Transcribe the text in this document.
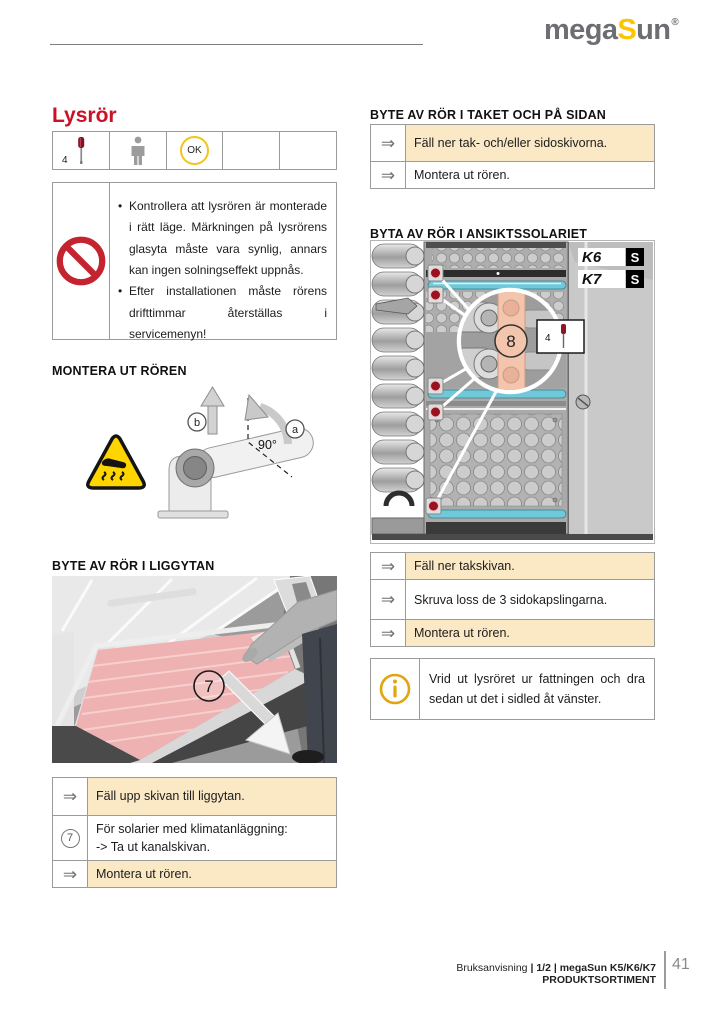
megaSun®
Lysrör
4
OK
• Kontrollera att lysrören är monterade i rätt läge. Märkningen på lysrörens glasyta måste vara synlig, annars kan ingen solningseffekt uppnås.
• Efter installationen måste rörens drifttimmar återställas i servicemenyn!
MONTERA UT RÖREN
b
a
90°
BYTE AV RÖR I LIGGYTAN
7
⇒ Fäll upp skivan till liggytan.
7
För solarier med klimatanläggning:
-> Ta ut kanalskivan.
⇒ Montera ut rören.
BYTE AV RÖR I TAKET OCH PÅ SIDAN
⇒ Fäll ner tak- och/eller sidoskivorna.
⇒ Montera ut rören.
BYTA AV RÖR I ANSIKTSSOLARIET
8	4
K6 S
K7 S
⇒ Fäll ner takskivan.
⇒ Skruva loss de 3 sidokapslingarna.
⇒ Montera ut rören.
Vrid ut lysröret ur fattningen och dra sedan ut det i sidled åt vänster.
Bruksanvisning | 1/2 | megaSun K5/K6/K7 PRODUKTSORTIMENT
41
